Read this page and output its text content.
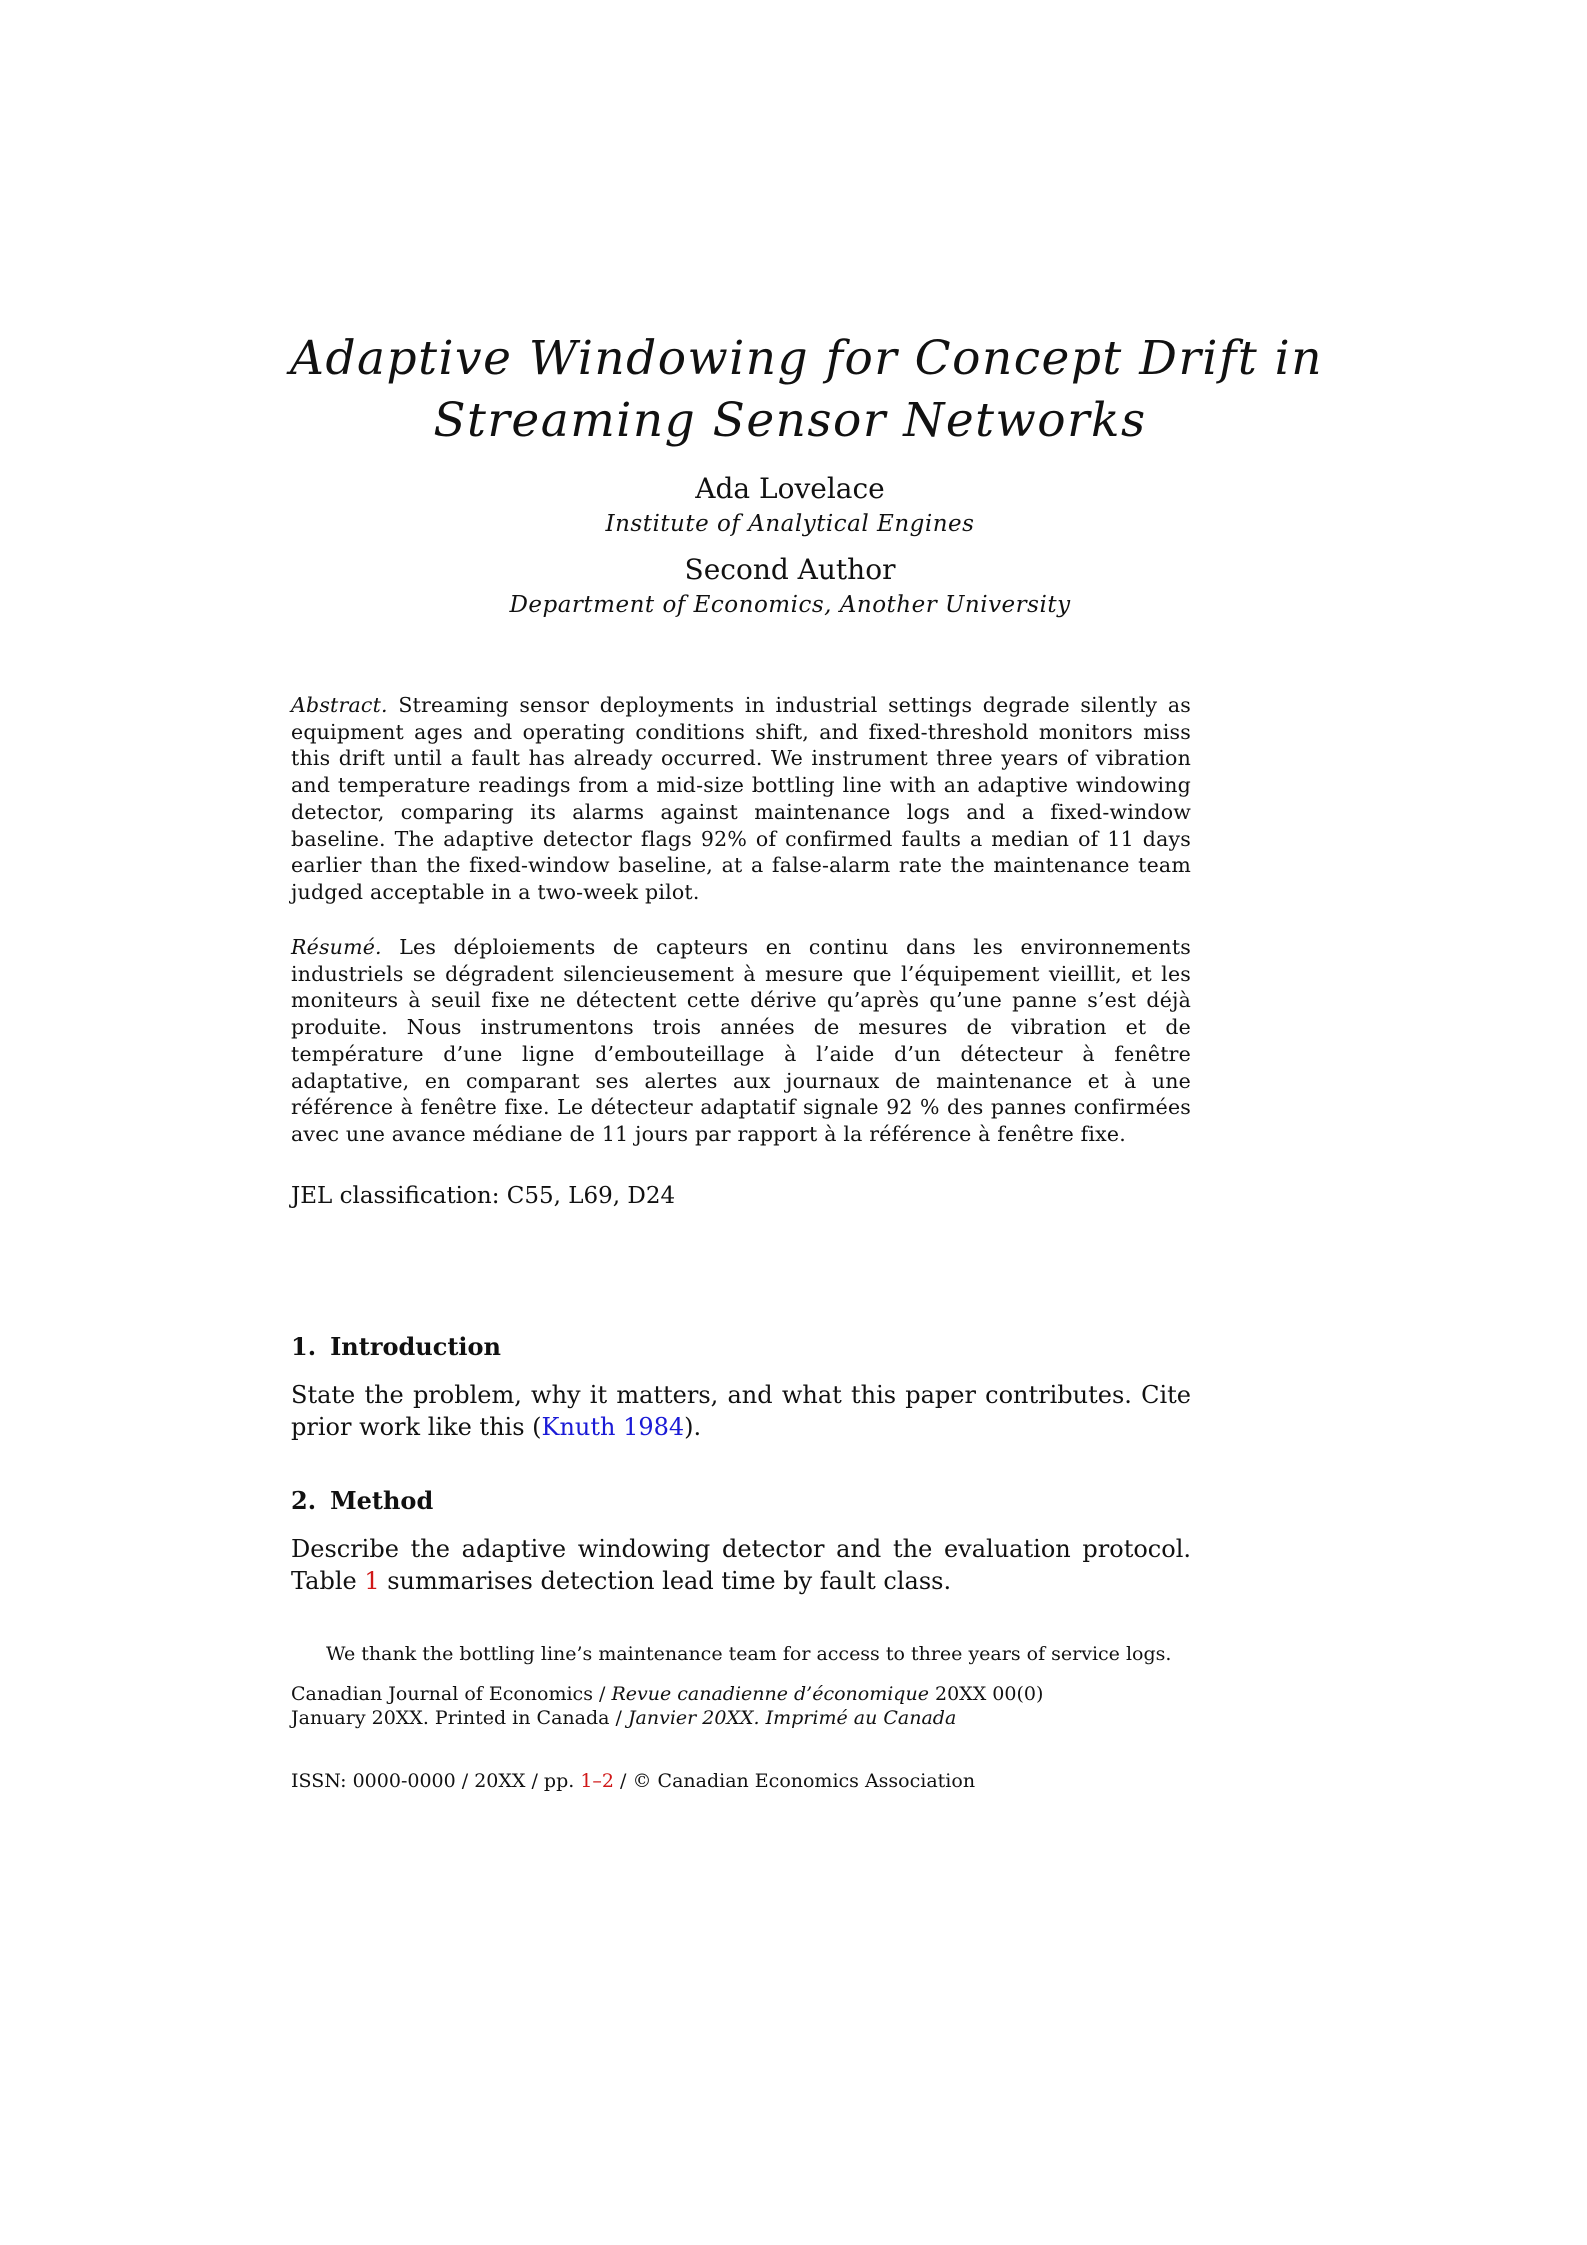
Adaptive Windowing for Concept Drift in
Streaming Sensor Networks
Ada Lovelace
Institute of Analytical Engines
Second Author
Department of Economics, Another University
Abstract. Streaming sensor deployments in industrial settings degrade silently as equipment ages and operating conditions shift, and fixed-threshold monitors miss this drift until a fault has already occurred. We instrument three years of vibration and temperature readings from a mid-size bottling line with an adaptive windowing detector, comparing its alarms against maintenance logs and a fixed-window baseline. The adaptive detector flags 92% of confirmed faults a median of 11 days earlier than the fixed-window baseline, at a false-alarm rate the maintenance team judged acceptable in a two-week pilot.
Résumé. Les déploiements de capteurs en continu dans les environnements industriels se dégradent silencieusement à mesure que l’équipement vieillit, et les moniteurs à seuil fixe ne détectent cette dérive qu’après qu’une panne s’est déjà produite. Nous instrumentons trois années de mesures de vibration et de température d’une ligne d’embouteillage à l’aide d’un détecteur à fenêtre adaptative, en comparant ses alertes aux journaux de maintenance et à une référence à fenêtre fixe. Le détecteur adaptatif signale 92 % des pannes confirmées avec une avance médiane de 11 jours par rapport à la référence à fenêtre fixe.
JEL classification: C55, L69, D24
1. Introduction
State the problem, why it matters, and what this paper contributes. Cite prior work like this (Knuth 1984).
2. Method
Describe the adaptive windowing detector and the evaluation protocol. Table 1 summarises detection lead time by fault class.
We thank the bottling line’s maintenance team for access to three years of service logs.
Canadian Journal of Economics / Revue canadienne d’économique 20XX 00(0)
January 20XX. Printed in Canada / Janvier 20XX. Imprimé au Canada
ISSN: 0000-0000 / 20XX / pp. 1–2 / © Canadian Economics Association
